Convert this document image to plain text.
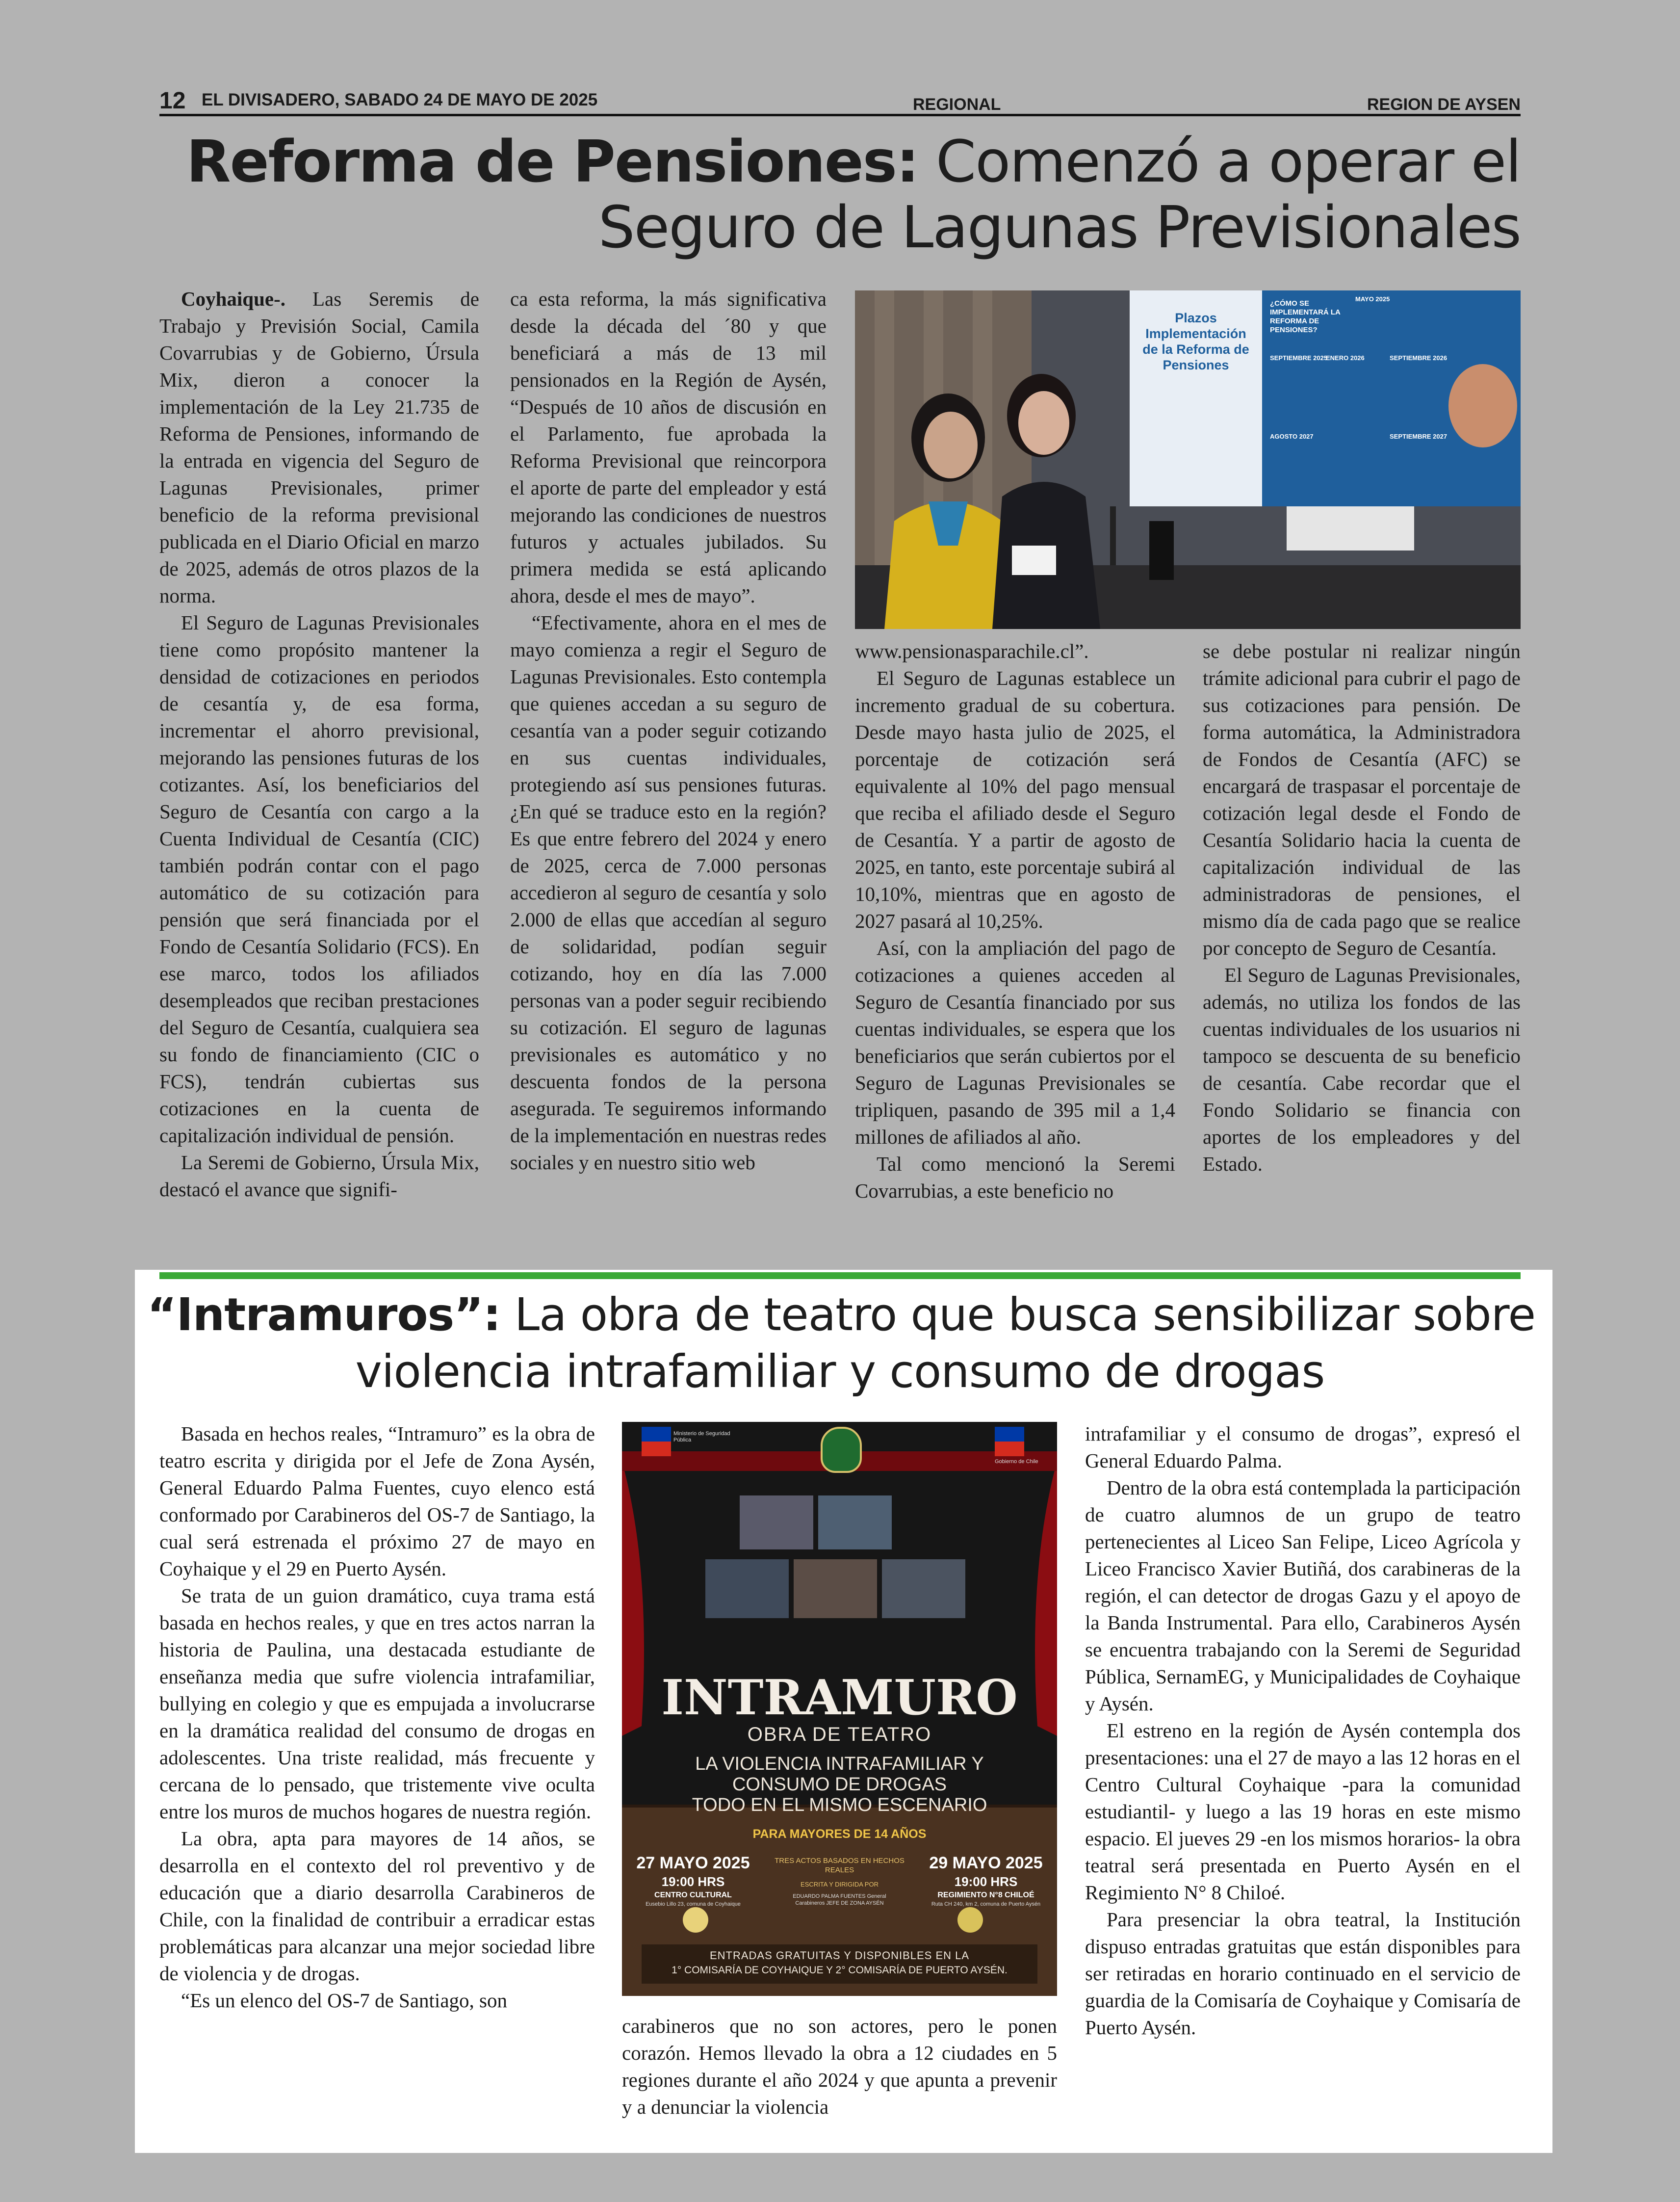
12 EL DIVISADERO, SABADO 24 DE MAYO DE 2025	REGIONAL	REGION DE AYSEN
Reforma de Pensiones: Comenzó a operar el
Seguro de Lagunas Previsionales

Coyhaique-. Las Seremis de Trabajo y Previsión Social, Camila Covarrubias y de Gobierno, Úrsula Mix, dieron a conocer la implementación de la Ley 21.735 de Reforma de Pensiones, informando de la entrada en vigencia del Seguro de Lagunas Previsionales, primer beneficio de la reforma previsional publicada en el Diario Oficial en marzo de 2025, además de otros plazos de la norma.

El Seguro de Lagunas Previsionales tiene como propósito mantener la densidad de cotizaciones en periodos de cesantía y, de esa forma, incrementar el ahorro previsional, mejorando las pensiones futuras de los cotizantes. Así, los beneficiarios del Seguro de Cesantía con cargo a la Cuenta Individual de Cesantía (CIC) también podrán contar con el pago automático de su cotización para pensión que será financiada por el Fondo de Cesantía Solidario (FCS). En ese marco, todos los afiliados desempleados que reciban prestaciones del Seguro de Cesantía, cualquiera sea su fondo de financiamiento (CIC o FCS), tendrán cubiertas sus cotizaciones en la cuenta de capitalización individual de pensión.

La Seremi de Gobierno, Úrsula Mix, destacó el avance que signifi-

ca esta reforma, la más significativa desde la década del ´80 y que beneficiará a más de 13 mil pensionados en la Región de Aysén, “Después de 10 años de discusión en el Parlamento, fue aprobada la Reforma Previsional que reincorpora el aporte de parte del empleador y está mejorando las condiciones de nuestros futuros y actuales jubilados. Su primera medida se está aplicando ahora, desde el mes de mayo”.

“Efectivamente, ahora en el mes de mayo comienza a regir el Seguro de Lagunas Previsionales. Esto contempla que quienes accedan a su seguro de cesantía van a poder seguir cotizando en sus cuentas individuales, protegiendo así sus pensiones futuras. ¿En qué se traduce esto en la región? Es que entre febrero del 2024 y enero de 2025, cerca de 7.000 personas accedieron al seguro de cesantía y solo 2.000 de ellas que accedían al seguro de solidaridad, podían seguir cotizando, hoy en día las 7.000 personas van a poder seguir recibiendo su cotización. El seguro de lagunas previsionales es automático y no descuenta fondos de la persona asegurada. Te seguiremos informando de la implementación en nuestras redes sociales y en nuestro sitio web

Plazos Implementación de la Reforma de Pensiones
¿CÓMO SE IMPLEMENTARÁ LA REFORMA DE PENSIONES?
MAYO 2025
SEPTIEMBRE 2025
ENERO 2026	SEPTIEMBRE 2026
AGOSTO 2027	SEPTIEMBRE 2027

www.pensionasparachile.cl”.

El Seguro de Lagunas establece un incremento gradual de su cobertura. Desde mayo hasta julio de 2025, el porcentaje de cotización será equivalente al 10% del pago mensual que reciba el afiliado desde el Seguro de Cesantía. Y a partir de agosto de 2025, en tanto, este porcentaje subirá al 10,10%, mientras que en agosto de 2027 pasará al 10,25%.

Así, con la ampliación del pago de cotizaciones a quienes acceden al Seguro de Cesantía financiado por sus cuentas individuales, se espera que los beneficiarios que serán cubiertos por el Seguro de Lagunas Previsionales se tripliquen, pasando de 395 mil a 1,4 millones de afiliados al año.

Tal como mencionó la Seremi Covarrubias, a este beneficio no

se debe postular ni realizar ningún trámite adicional para cubrir el pago de sus cotizaciones para pensión. De forma automática, la Administradora de Fondos de Cesantía (AFC) se encargará de traspasar el porcentaje de cotización legal desde el Fondo de Cesantía Solidario hacia la cuenta de capitalización individual de las administradoras de pensiones, el mismo día de cada pago que se realice por concepto de Seguro de Cesantía.

El Seguro de Lagunas Previsionales, además, no utiliza los fondos de las cuentas individuales de los usuarios ni tampoco se descuenta de su beneficio de cesantía. Cabe recordar que el Fondo Solidario se financia con aportes de los empleadores y del Estado.

“Intramuros”: La obra de teatro que busca sensibilizar sobre
violencia intrafamiliar y consumo de drogas

Basada en hechos reales, “Intramuro” es la obra de teatro escrita y dirigida por el Jefe de Zona Aysén, General Eduardo Palma Fuentes, cuyo elenco está conformado por Carabineros del OS-7 de Santiago, la cual será estrenada el próximo 27 de mayo en Coyhaique y el 29 en Puerto Aysén.

Se trata de un guion dramático, cuya trama está basada en hechos reales, y que en tres actos narran la historia de Paulina, una destacada estudiante de enseñanza media que sufre violencia intrafamiliar, bullying en colegio y que es empujada a involucrarse en la dramática realidad del consumo de drogas en adolescentes. Una triste realidad, más frecuente y cercana de lo pensado, que tristemente vive oculta entre los muros de muchos hogares de nuestra región.

La obra, apta para mayores de 14 años, se desarrolla en el contexto del rol preventivo y de educación que a diario desarrolla Carabineros de Chile, con la finalidad de contribuir a erradicar estas problemáticas para alcanzar una mejor sociedad libre de violencia y de drogas.

“Es un elenco del OS-7 de Santiago, son

Ministerio de Seguridad Pública
Gobierno de Chile
INTRAMURO
OBRA DE TEATRO
LA VIOLENCIA INTRAFAMILIAR Y
CONSUMO DE DROGAS
TODO EN EL MISMO ESCENARIO
PARA MAYORES DE 14 AÑOS
27 MAYO 2025
19:00 HRS
CENTRO CULTURAL
Eusebio Lillo 23, comuna de Coyhaique
TRES ACTOS BASADOS EN HECHOS REALES
ESCRITA Y DIRIGIDA POR
EDUARDO PALMA FUENTES General Carabineros JEFE DE ZONA AYSÉN
29 MAYO 2025
19:00 HRS
REGIMIENTO N°8 CHILOÉ
Ruta CH 240, km 2, comuna de Puerto Aysén
ENTRADAS GRATUITAS Y DISPONIBLES EN LA
1° COMISARÍA DE COYHAIQUE Y 2° COMISARÍA DE PUERTO AYSÉN.

carabineros que no son actores, pero le ponen corazón. Hemos llevado la obra a 12 ciudades en 5 regiones durante el año 2024 y que apunta a prevenir y a denunciar la violencia

intrafamiliar y el consumo de drogas”, expresó el General Eduardo Palma.

Dentro de la obra está contemplada la participación de cuatro alumnos de un grupo de teatro pertenecientes al Liceo San Felipe, Liceo Agrícola y Liceo Francisco Xavier Butiñá, dos carabineras de la región, el can detector de drogas Gazu y el apoyo de la Banda Instrumental. Para ello, Carabineros Aysén se encuentra trabajando con la Seremi de Seguridad Pública, SernamEG, y Municipalidades de Coyhaique y Aysén.

El estreno en la región de Aysén contempla dos presentaciones: una el 27 de mayo a las 12 horas en el Centro Cultural Coyhaique -para la comunidad estudiantil- y luego a las 19 horas en este mismo espacio. El jueves 29 -en los mismos horarios- la obra teatral será presentada en Puerto Aysén en el Regimiento N° 8 Chiloé.

Para presenciar la obra teatral, la Institución dispuso entradas gratuitas que están disponibles para ser retiradas en horario continuado en el servicio de guardia de la Comisaría de Coyhaique y Comisaría de Puerto Aysén.
